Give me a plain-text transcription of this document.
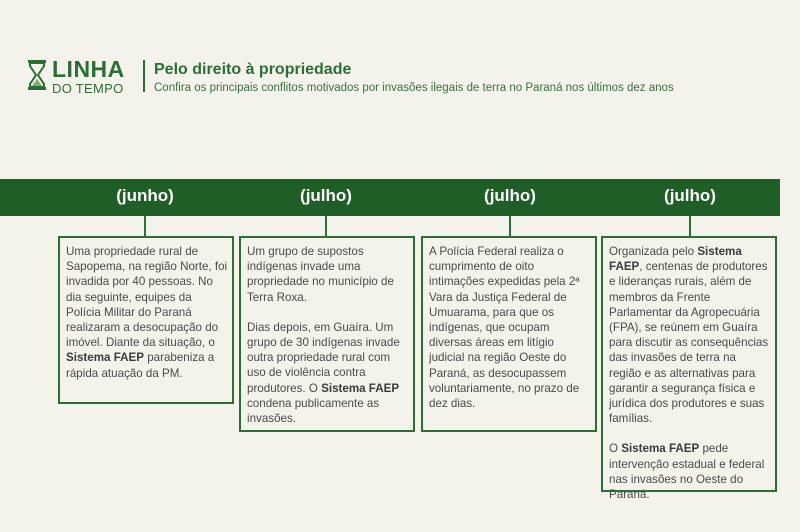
LINHA
DO TEMPO
Pelo direito à propriedade
Confira os principais conflitos motivados por invasões ilegais de terra no Paraná nos últimos dez anos
(junho)	(julho)	(julho)	(julho)

Uma propriedade rural de Sapopema, na região Norte, foi invadida por 40 pessoas. No dia seguinte, equipes da Polícia Militar do Paraná realizaram a desocupação do imóvel. Diante da situação, o Sistema FAEP parabeniza a rápida atuação da PM.

Um grupo de supostos indígenas invade uma propriedade no município de Terra Roxa.

Dias depois, em Guaíra. Um grupo de 30 indígenas invade outra propriedade rural com uso de violência contra produtores. O Sistema FAEP condena publicamente as invasões.

A Polícia Federal realiza o cumprimento de oito intimações expedidas pela 2ª Vara da Justiça Federal de Umuarama, para que os indígenas, que ocupam diversas áreas em litígio judicial na região Oeste do Paraná, as desocupassem voluntariamente, no prazo de dez dias.

Organizada pelo Sistema FAEP, centenas de produtores e lideranças rurais, além de membros da Frente Parlamentar da Agropecuária (FPA), se reúnem em Guaíra para discutir as consequências das invasões de terra na região e as alternativas para garantir a segurança física e jurídica dos produtores e suas famílias.

O Sistema FAEP pede intervenção estadual e federal nas invasões no Oeste do Paraná.
